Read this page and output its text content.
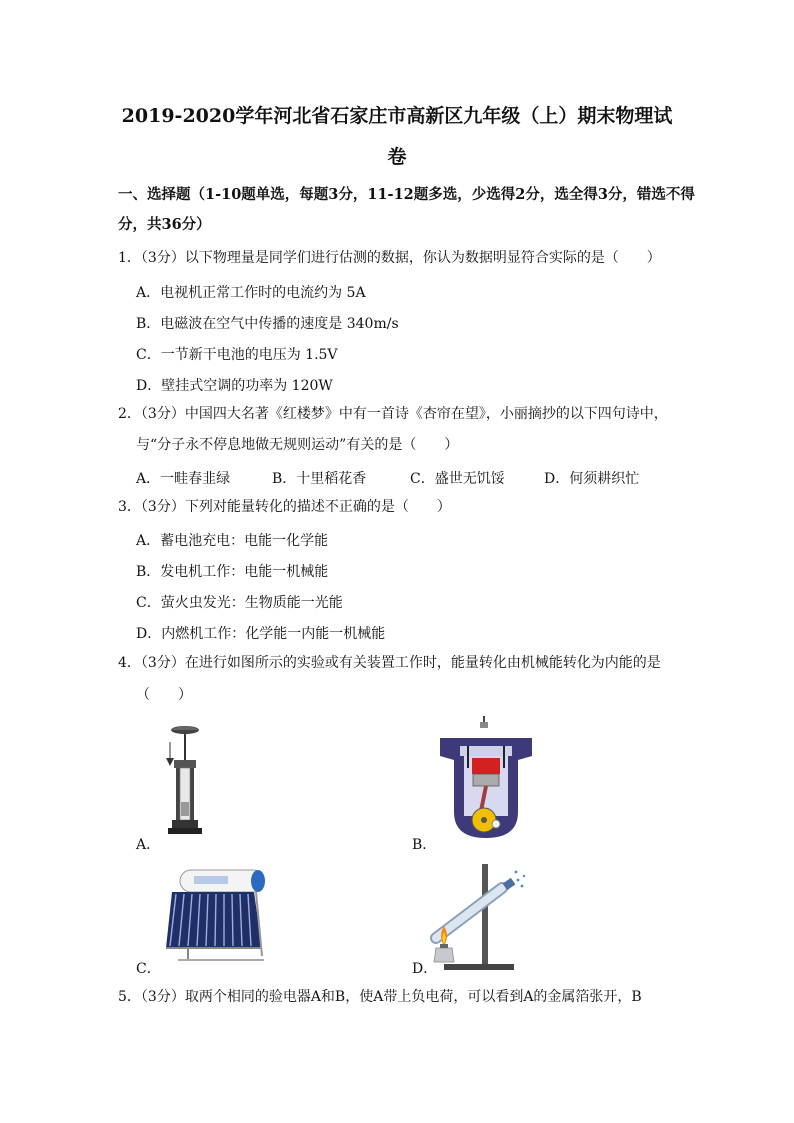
2019-2020学年河北省石家庄市高新区九年级（上）期末物理试
卷
一、选择题（1-10题单选，每题3分，11-12题多选，少选得2分，选全得3分，错选不得
分，共36分）
1．（3分）以下物理量是同学们进行估测的数据，你认为数据明显符合实际的是（　　）
A．电视机正常工作时的电流约为 5A
B．电磁波在空气中传播的速度是 340m/s
C．一节新干电池的电压为 1.5V
D．壁挂式空调的功率为 120W
2．（3分）中国四大名著《红楼梦》中有一首诗《杏帘在望》，小丽摘抄的以下四句诗中，
与“分子永不停息地做无规则运动”有关的是（　　）
A．一畦春韭绿	B．十里稻花香	C．盛世无饥馁	D．何须耕织忙
3．（3分）下列对能量转化的描述不正确的是（　　）
A．蓄电池充电：电能一化学能
B．发电机工作：电能一机械能
C．萤火虫发光：生物质能一光能
D．内燃机工作：化学能一内能一机械能
4．（3分）在进行如图所示的实验或有关装置工作时，能量转化由机械能转化为内能的是
（　　）
A．	B．
C．	D．
5．（3分）取两个相同的验电器A和B，使A带上负电荷，可以看到A的金属箔张开，B
